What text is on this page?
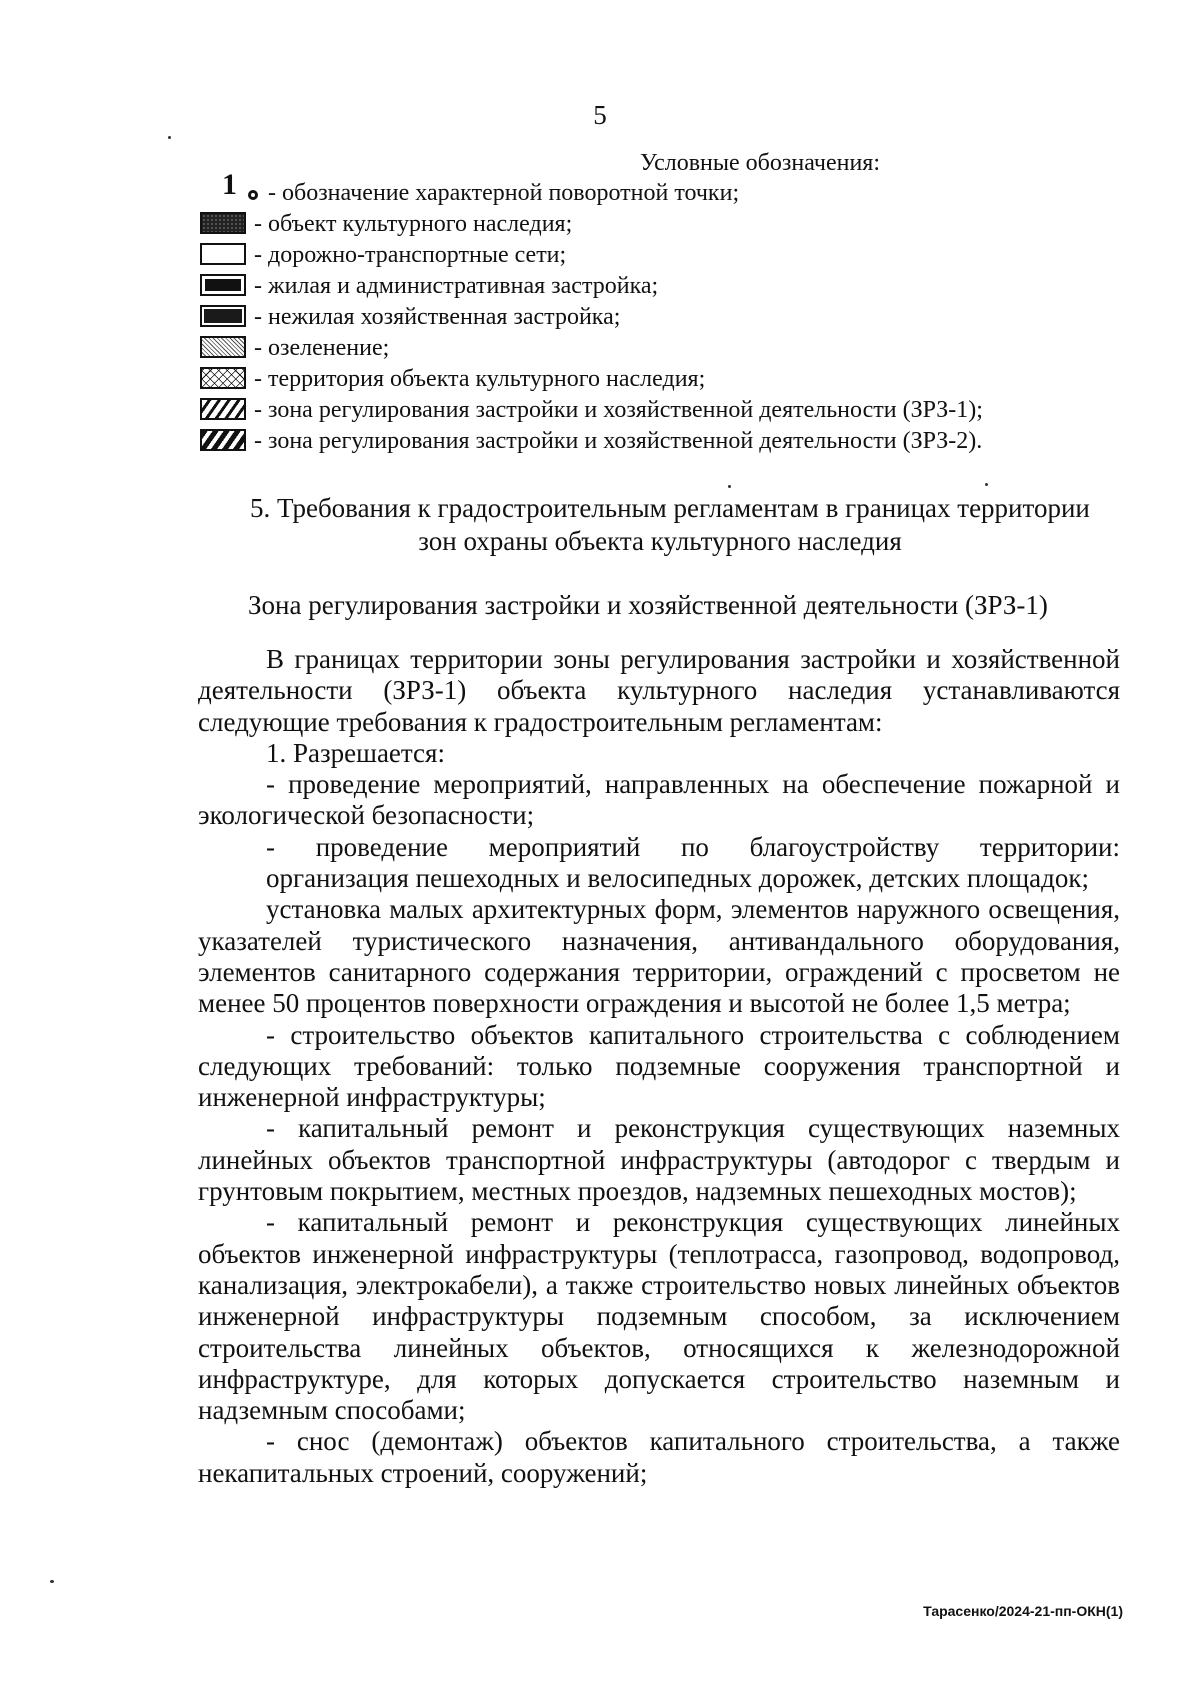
5
Условные обозначения:
1 - обозначение характерной поворотной точки;
- объект культурного наследия;
- дорожно-транспортные сети;
- жилая и административная застройка;
- нежилая хозяйственная застройка;
- озеленение;
- территория объекта культурного наследия;
- зона регулирования застройки и хозяйственной деятельности (ЗРЗ-1);
- зона регулирования застройки и хозяйственной деятельности (ЗРЗ-2).
5. Требования к градостроительным регламентам в границах территории
зон охраны объекта культурного наследия
Зона регулирования застройки и хозяйственной деятельности (ЗРЗ-1)

В границах территории зоны регулирования застройки и хозяйственной деятельности (ЗРЗ-1) объекта культурного наследия устанавливаются следующие требования к градостроительным регламентам:

1. Разрешается:

- проведение мероприятий, направленных на обеспечение пожарной и экологической безопасности;

- проведение мероприятий по благоустройству территории:

организация пешеходных и велосипедных дорожек, детских площадок;

установка малых архитектурных форм, элементов наружного освещения, указателей туристического назначения, антивандального оборудования, элементов санитарного содержания территории, ограждений с просветом не менее 50 процентов поверхности ограждения и высотой не более 1,5 метра;

- строительство объектов капитального строительства с соблюдением следующих требований: только подземные сооружения транспортной и инженерной инфраструктуры;

- капитальный ремонт и реконструкция существующих наземных линейных объектов транспортной инфраструктуры (автодорог с твердым и грунтовым покрытием, местных проездов, надземных пешеходных мостов);

- капитальный ремонт и реконструкция существующих линейных объектов инженерной инфраструктуры (теплотрасса, газопровод, водопровод, канализация, электрокабели), а также строительство новых линейных объектов инженерной инфраструктуры подземным способом, за исключением строительства линейных объектов, относящихся к железнодорожной инфраструктуре, для которых допускается строительство наземным и надземным способами;

- снос (демонтаж) объектов капитального строительства, а также некапитальных строений, сооружений;

Тарасенко/2024-21-пп-ОКН(1)
